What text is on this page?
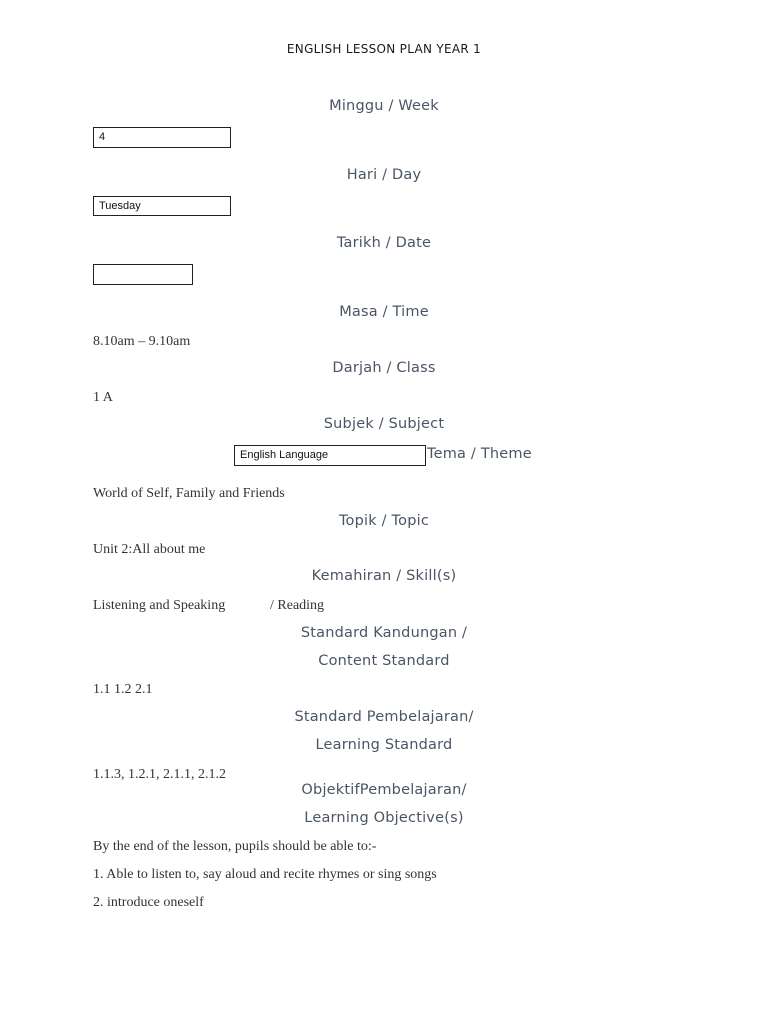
ENGLISH LESSON PLAN YEAR 1
Minggu / Week
4
Hari / Day
Tuesday
Tarikh / Date
Masa / Time
8.10am – 9.10am
Darjah / Class
1 A
Subjek / Subject
English Language	Tema / Theme
World of Self, Family and Friends
Topik / Topic
Unit 2:All about me
Kemahiran / Skill(s)
Listening and Speaking	/ Reading
Standard Kandungan /
Content Standard
1.1 1.2 2.1
Standard Pembelajaran/
Learning Standard
1.1.3, 1.2.1, 2.1.1, 2.1.2
ObjektifPembelajaran/
Learning Objective(s)
By the end of the lesson, pupils should be able to:-
1. Able to listen to, say aloud and recite rhymes or sing songs
2. introduce oneself
